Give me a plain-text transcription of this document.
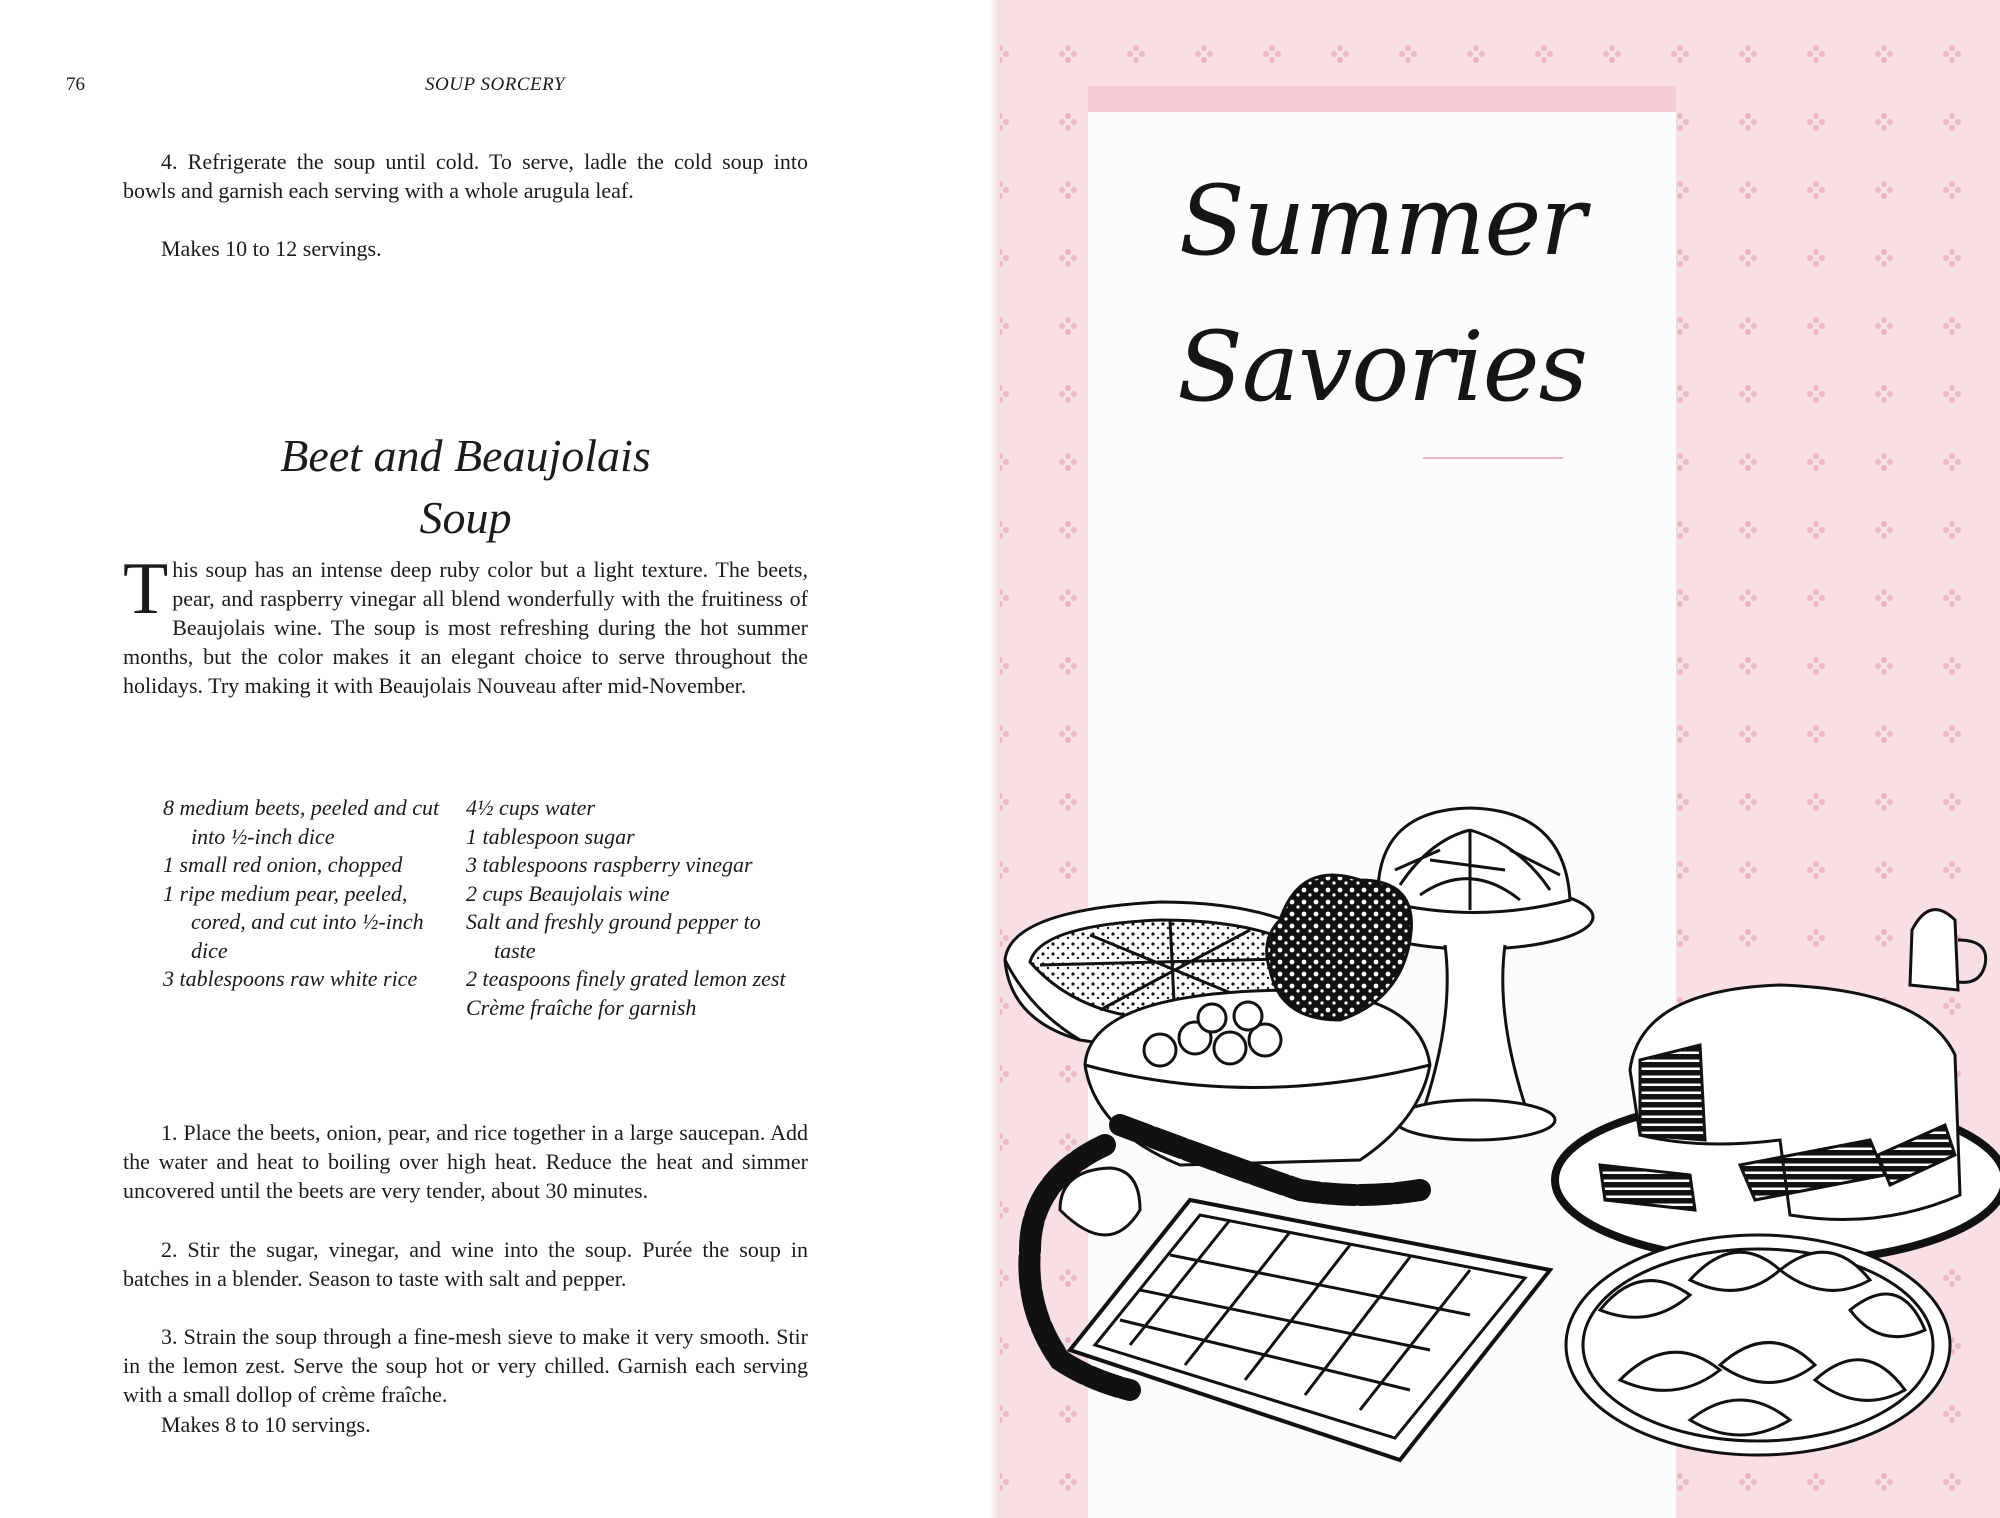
76	SOUP SORCERY

4. Refrigerate the soup until cold. To serve, ladle the cold soup into bowls and garnish each serving with a whole arugula leaf.

Makes 10 to 12 servings.

Beet and Beaujolais
Soup

This soup has an intense deep ruby color but a light texture. The beets, pear, and raspberry vinegar all blend wonderfully with the fruitiness of Beaujolais wine. The soup is most refreshing during the hot summer months, but the color makes it an elegant choice to serve throughout the holidays. Try making it with Beaujolais Nouveau after mid-November.

8 medium beets, peeled and cut into ½-inch dice
1 small red onion, chopped
1 ripe medium pear, peeled, cored, and cut into ½-inch dice
3 tablespoons raw white rice
4½ cups water
1 tablespoon sugar
3 tablespoons raspberry vinegar
2 cups Beaujolais wine
Salt and freshly ground pepper to taste
2 teaspoons finely grated lemon zest
Crème fraîche for garnish

1. Place the beets, onion, pear, and rice together in a large saucepan. Add the water and heat to boiling over high heat. Reduce the heat and simmer uncovered until the beets are very tender, about 30 minutes.

2. Stir the sugar, vinegar, and wine into the soup. Purée the soup in batches in a blender. Season to taste with salt and pepper.

3. Strain the soup through a fine-mesh sieve to make it very smooth. Stir in the lemon zest. Serve the soup hot or very chilled. Garnish each serving with a small dollop of crème fraîche.

Makes 8 to 10 servings.

Summer
Savories
